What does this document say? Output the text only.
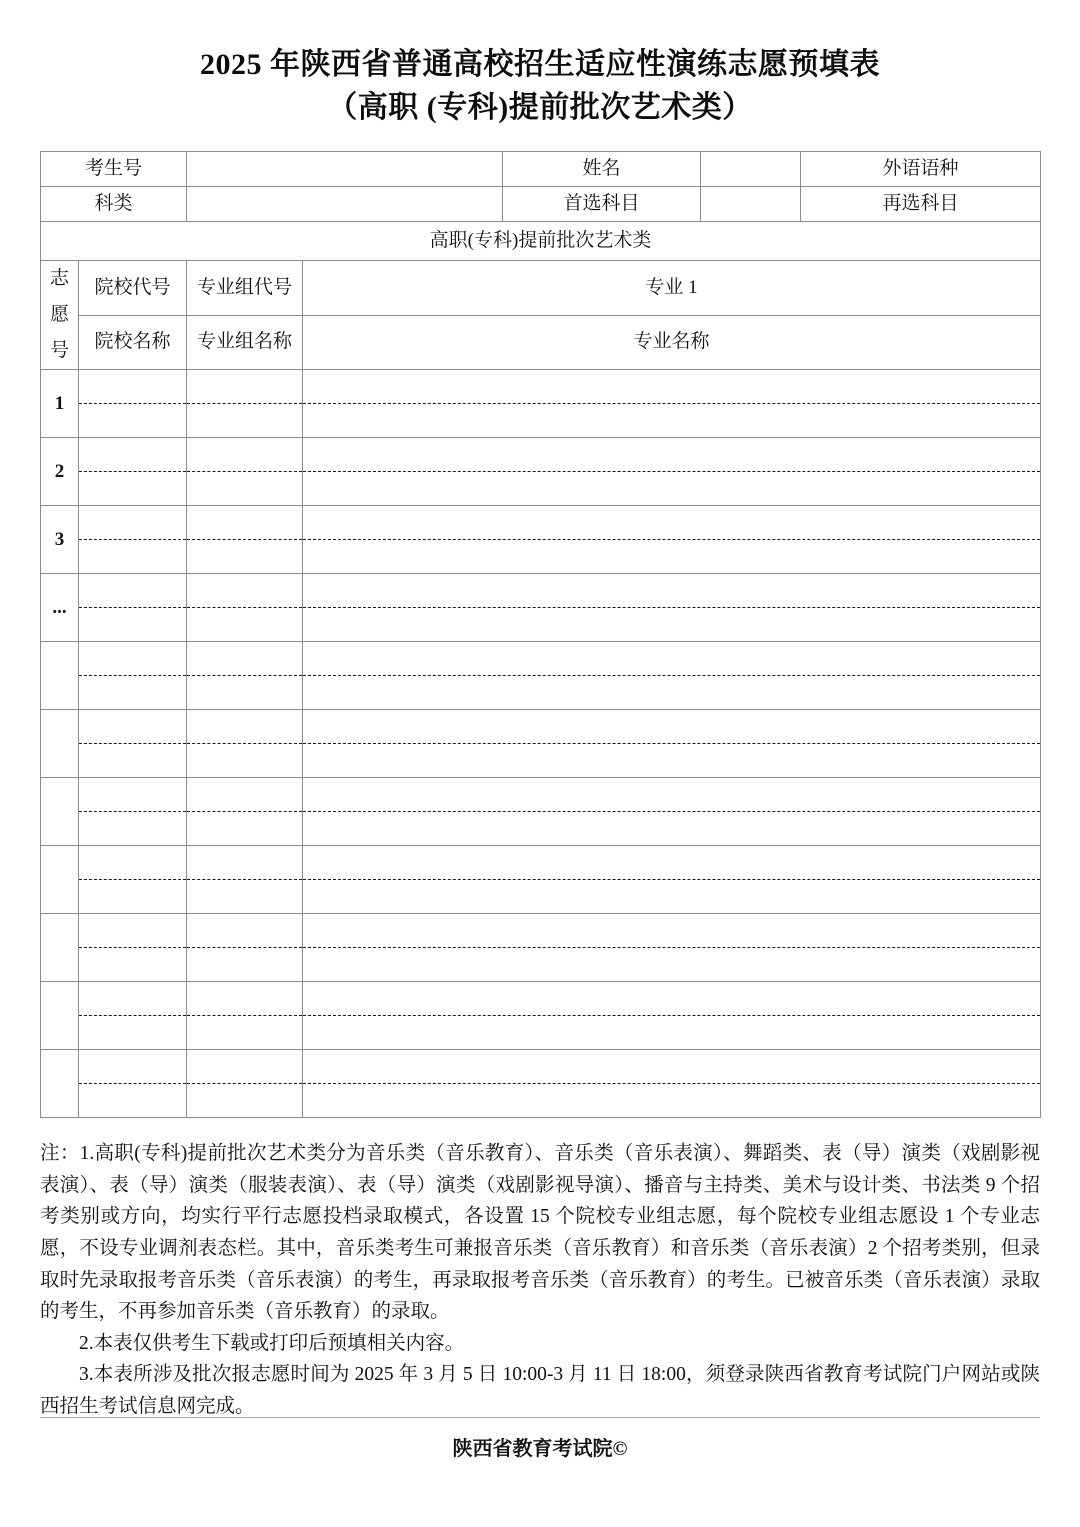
2025 年陕西省普通高校招生适应性演练志愿预填表
（高职 (专科)提前批次艺术类）
考生号				姓名		外语语种	
科类				首选科目		再选科目	
高职(专科)提前批次艺术类							

志
愿
号	院校代号	专业组代号	专业 1				
	院校名称	专业组名称	专业名称				
1					

2					

3					

...					

注：1.高职(专科)提前批次艺术类分为音乐类（音乐教育）、音乐类（音乐表演）、舞蹈类、表（导）演类（戏剧影视表演）、表（导）演类（服装表演）、表（导）演类（戏剧影视导演）、播音与主持类、美术与设计类、书法类 9 个招考类别或方向，均实行平行志愿投档录取模式，各设置 15 个院校专业组志愿，每个院校专业组志愿设 1 个专业志愿，不设专业调剂表态栏。其中，音乐类考生可兼报音乐类（音乐教育）和音乐类（音乐表演）2 个招考类别，但录取时先录取报考音乐类（音乐表演）的考生，再录取报考音乐类（音乐教育）的考生。已被音乐类（音乐表演）录取的考生，不再参加音乐类（音乐教育）的录取。

2.本表仅供考生下载或打印后预填相关内容。

3.本表所涉及批次报志愿时间为 2025 年 3 月 5 日 10:00-3 月 11 日 18:00，须登录陕西省教育考试院门户网站或陕西招生考试信息网完成。

陕西省教育考试院©
